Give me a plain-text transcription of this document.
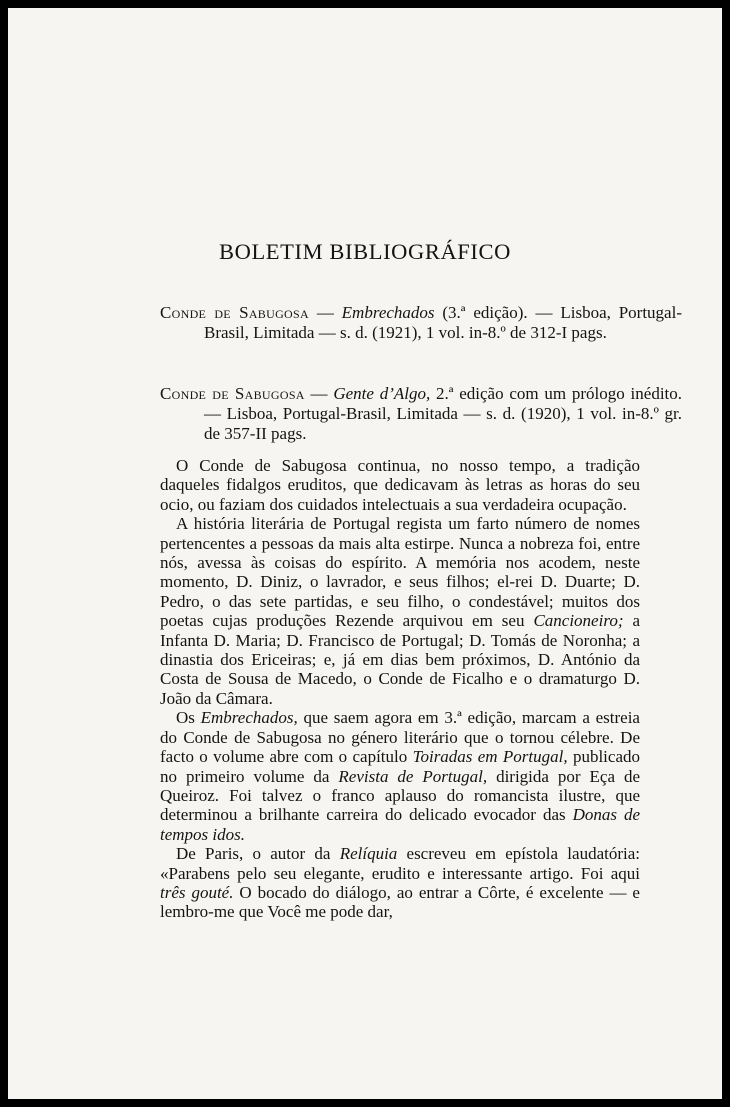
BOLETIM BIBLIOGRÁFICO
Conde de Sabugosa — Embrechados (3.ª edição). — Lisboa, Portugal-Brasil, Limitada — s. d. (1921), 1 vol. in-8.º de 312-I pags.
Conde de Sabugosa — Gente d’Algo, 2.ª edição com um prólogo inédito. — Lisboa, Portugal-Brasil, Limitada — s. d. (1920), 1 vol. in-8.º gr. de 357-II pags.

O Conde de Sabugosa continua, no nosso tempo, a tradição daqueles fidalgos eruditos, que dedicavam às letras as horas do seu ocio, ou faziam dos cuidados intelectuais a sua verdadeira ocupação.

A história literária de Portugal regista um farto número de nomes pertencentes a pessoas da mais alta estirpe. Nunca a nobreza foi, entre nós, avessa às coisas do espírito. A memória nos acodem, neste momento, D. Diniz, o lavrador, e seus filhos; el-rei D. Duarte; D. Pedro, o das sete partidas, e seu filho, o condestável; muitos dos poetas cujas produções Rezende arquivou em seu Cancioneiro; a Infanta D. Maria; D. Francisco de Portugal; D. Tomás de Noronha; a dinastia dos Ericeiras; e, já em dias bem próximos, D. António da Costa de Sousa de Macedo, o Conde de Ficalho e o dramaturgo D. João da Câmara.

Os Embrechados, que saem agora em 3.ª edição, marcam a estreia do Conde de Sabugosa no género literário que o tornou célebre. De facto o volume abre com o capítulo Toiradas em Portugal, publicado no primeiro volume da Revista de Portugal, dirigida por Eça de Queiroz. Foi talvez o franco aplauso do romancista ilustre, que determinou a brilhante carreira do delicado evocador das Donas de tempos idos.

De Paris, o autor da Relíquia escreveu em epístola laudatória: «Parabens pelo seu elegante, erudito e interessante artigo. Foi aqui três gouté. O bocado do diálogo, ao entrar a Côrte, é excelente — e lembro-me que Você me pode dar,
